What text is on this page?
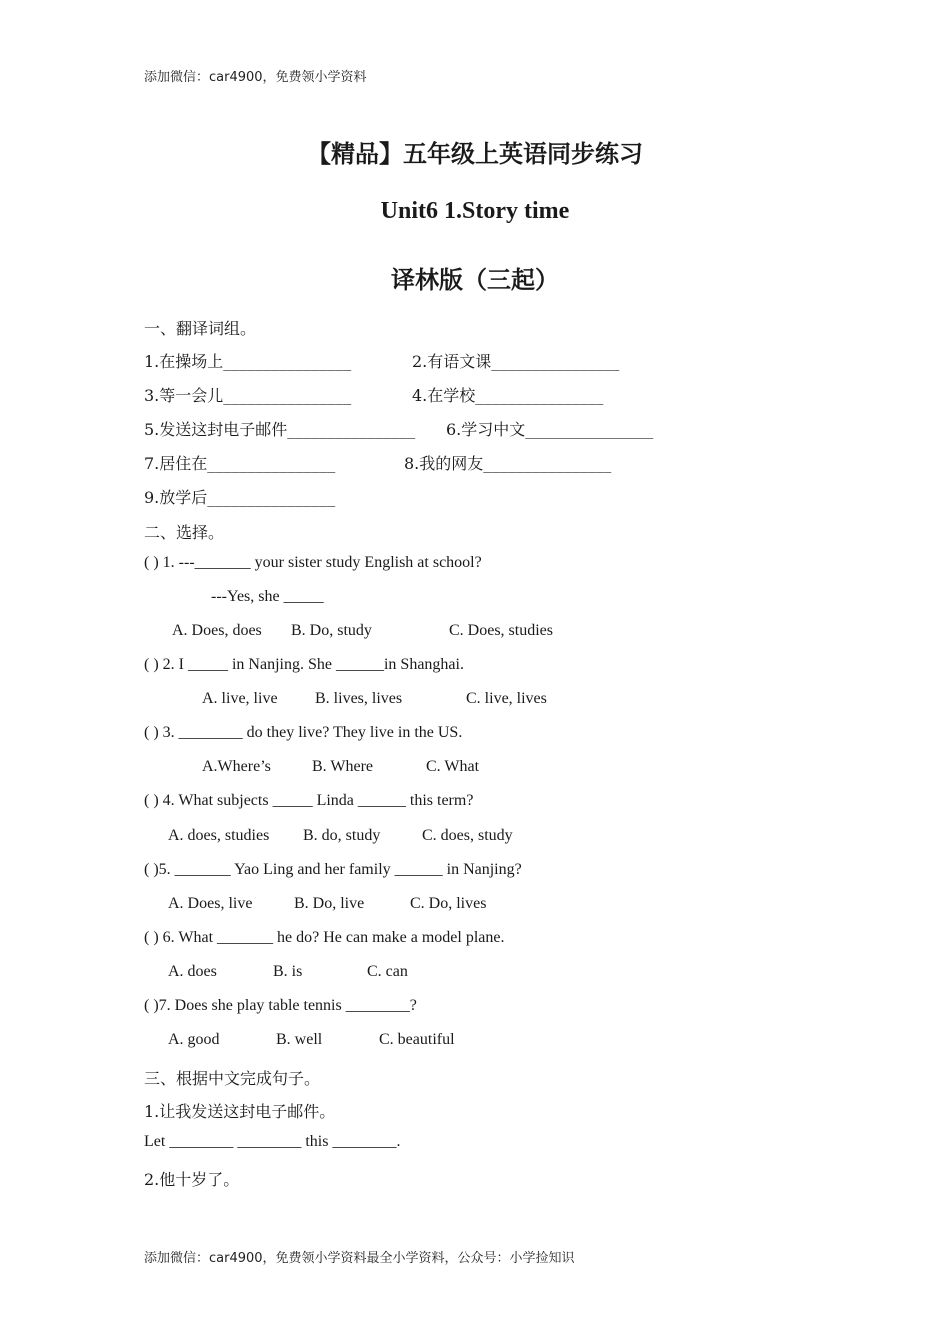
添加微信：car4900，免费领小学资料
【精品】五年级上英语同步练习
Unit6 1.Story time
译林版（三起）
一、翻译词组。
1.在操场上________________	2.有语文课________________
3.等一会儿________________	4.在学校________________
5.发送这封电子邮件________________ 6.学习中文________________
7.居住在________________	8.我的网友________________
9.放学后________________
二、选择。
( ) 1. ---_______ your sister study English at school?
---Yes, she _____
A. Does, does B. Do, study	C. Does, studies
( ) 2. I _____ in Nanjing. She ______in Shanghai.
A. live, live B. lives, lives	C. live, lives
( ) 3. ________ do they live? They live in the US.
A.Where’s	B. Where	C. What
( ) 4. What subjects _____ Linda ______ this term?
A. does, studies B. do, study	C. does, study
( )5. _______ Yao Ling and her family ______ in Nanjing?
A. Does, live	B. Do, live	C. Do, lives
( ) 6. What _______ he do? He can make a model plane.
A. does	B. is	C. can
( )7. Does she play table tennis ________?
A. good	B. well	C. beautiful
三、根据中文完成句子。
1.让我发送这封电子邮件。
Let ________ ________ this ________.
2.他十岁了。
添加微信：car4900，免费领小学资料最全小学资料，公众号：小学捡知识
